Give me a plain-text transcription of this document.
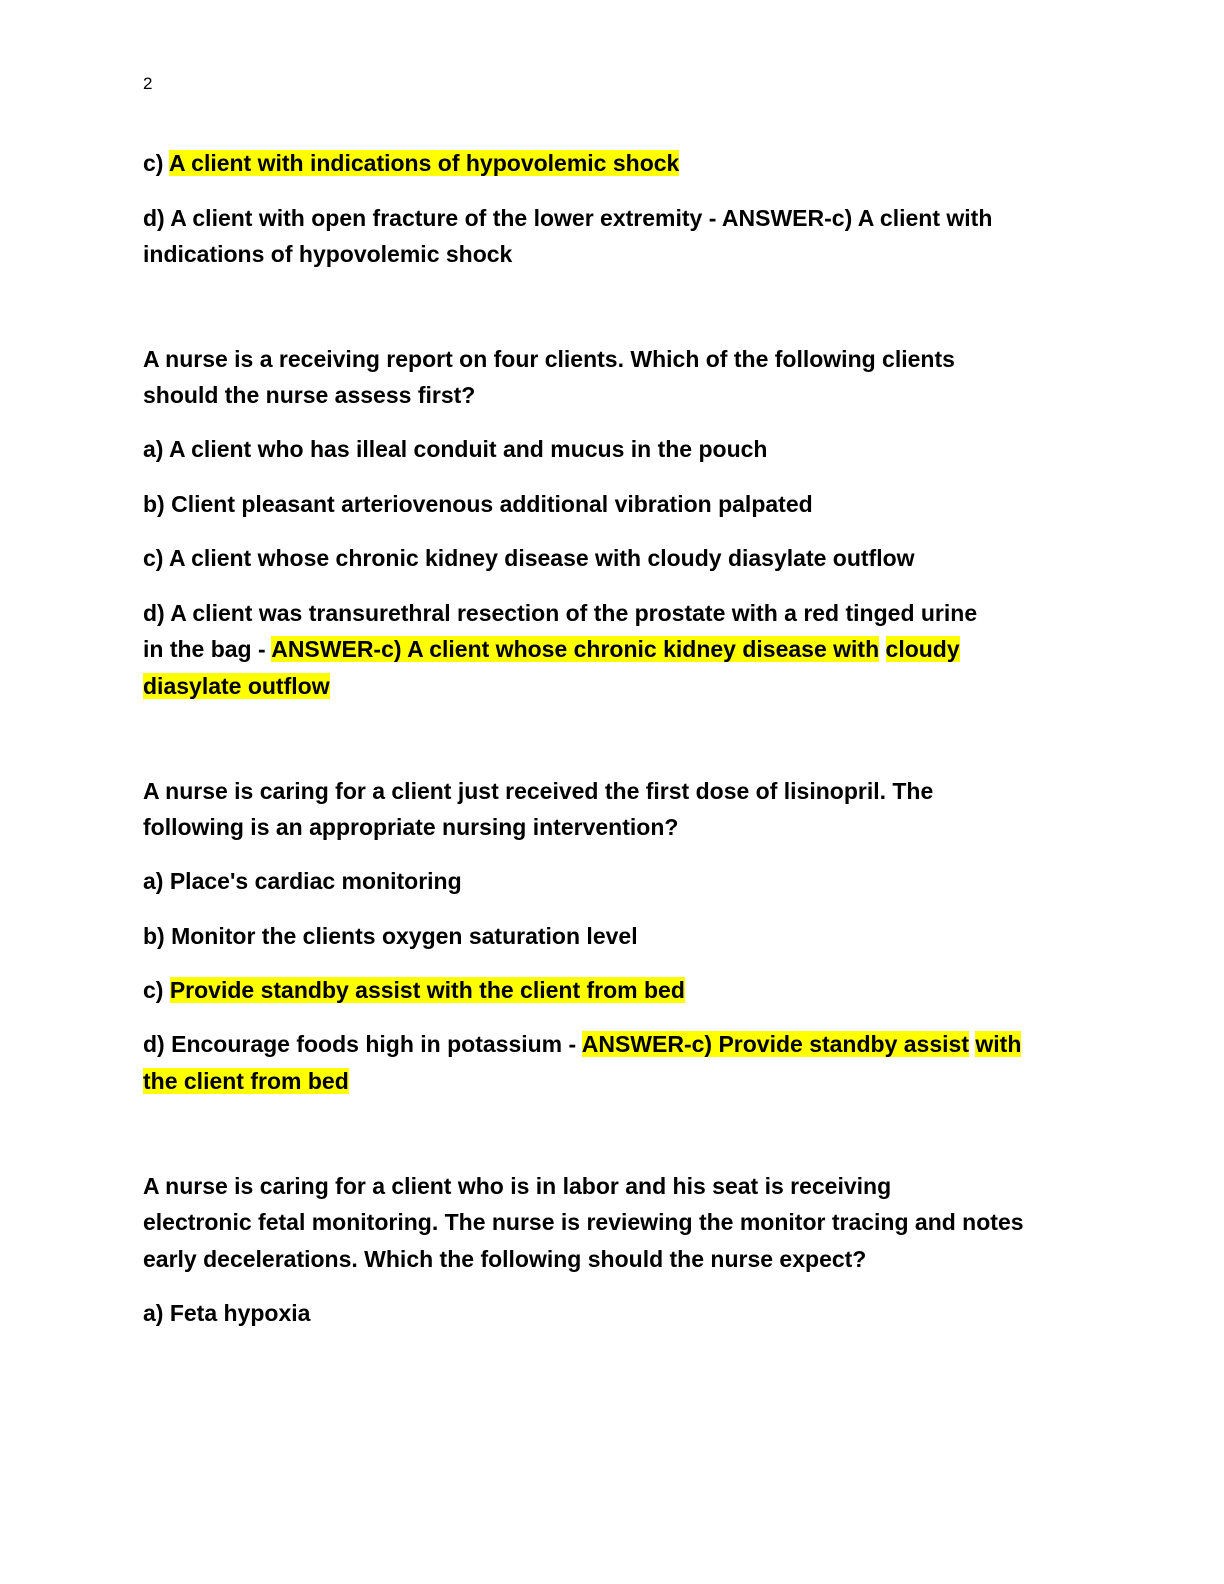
2
c) A client with indications of hypovolemic shock
d) A client with open fracture of the lower extremity - ANSWER-c) A client with
indications of hypovolemic shock
A nurse is a receiving report on four clients. Which of the following clients
should the nurse assess first?
a) A client who has illeal conduit and mucus in the pouch
b) Client pleasant arteriovenous additional vibration palpated
c) A client whose chronic kidney disease with cloudy diasylate outflow
d) A client was transurethral resection of the prostate with a red tinged urine
in the bag - ANSWER-c) A client whose chronic kidney disease with cloudy
diasylate outflow
A nurse is caring for a client just received the first dose of lisinopril. The
following is an appropriate nursing intervention?
a) Place's cardiac monitoring
b) Monitor the clients oxygen saturation level
c) Provide standby assist with the client from bed
d) Encourage foods high in potassium - ANSWER-c) Provide standby assist with
the client from bed
A nurse is caring for a client who is in labor and his seat is receiving
electronic fetal monitoring. The nurse is reviewing the monitor tracing and notes
early decelerations. Which the following should the nurse expect?
a) Feta hypoxia
